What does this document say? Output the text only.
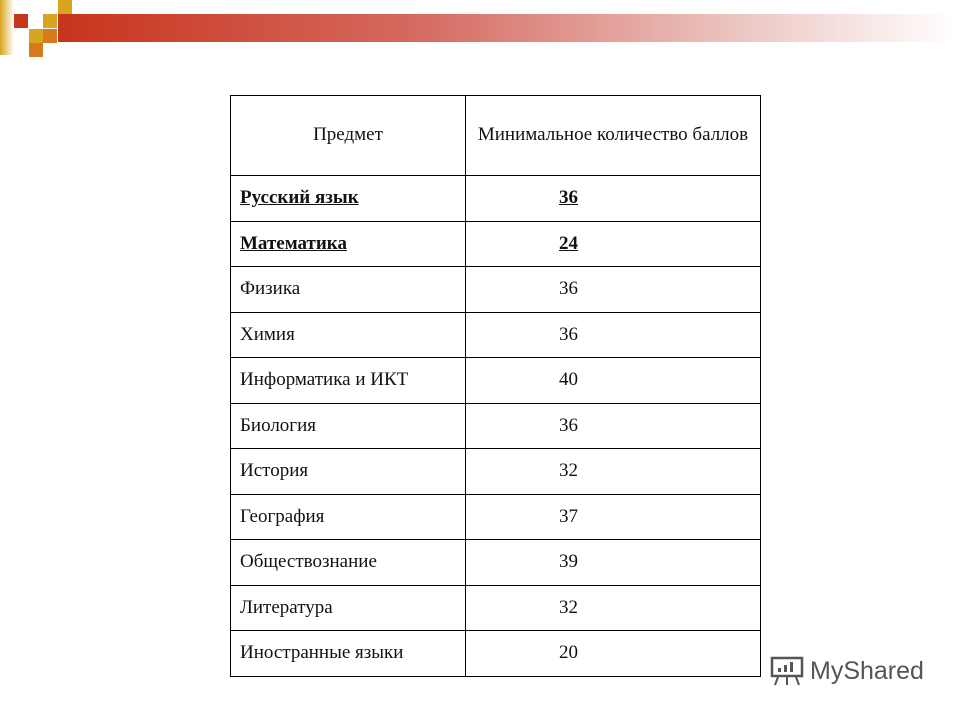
Предмет	Минимальное количество баллов
Русский язык	36
Математика	24
Физика	36
Химия	36
Информатика и ИКТ	40
Биология	36
История	32
География	37
Обществознание	39
Литература	32
Иностранные языки	20
MyShared
